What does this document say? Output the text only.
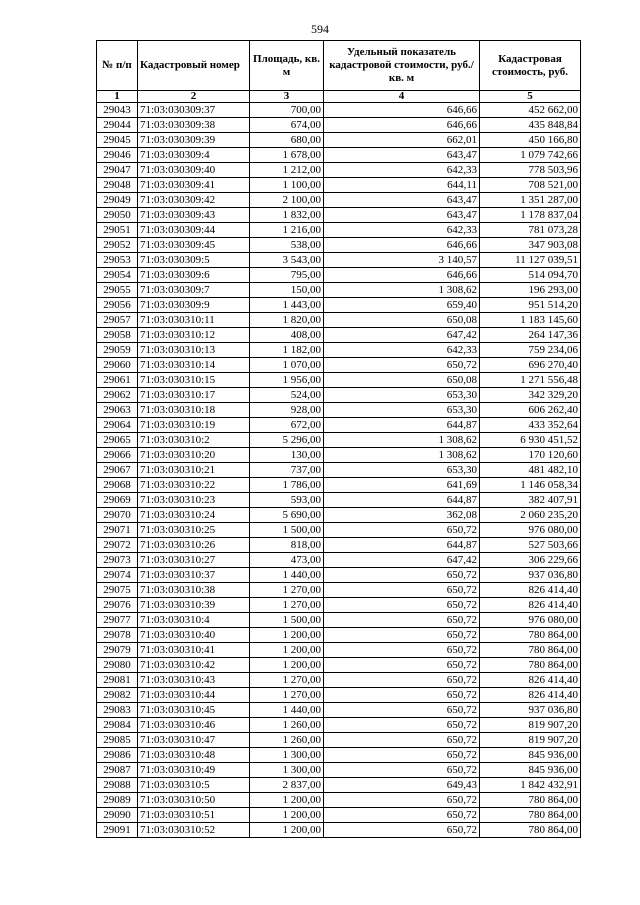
594
№ п/п	Кадастровый номер	Площадь, кв. м	Удельный показатель кадастровой стоимости, руб./кв. м	Кадастровая стоимость, руб.
1	2	3	4	5
29043	71:03:030309:37	700,00	646,66	452 662,00
29044	71:03:030309:38	674,00	646,66	435 848,84
29045	71:03:030309:39	680,00	662,01	450 166,80
29046	71:03:030309:4	1 678,00	643,47	1 079 742,66
29047	71:03:030309:40	1 212,00	642,33	778 503,96
29048	71:03:030309:41	1 100,00	644,11	708 521,00
29049	71:03:030309:42	2 100,00	643,47	1 351 287,00
29050	71:03:030309:43	1 832,00	643,47	1 178 837,04
29051	71:03:030309:44	1 216,00	642,33	781 073,28
29052	71:03:030309:45	538,00	646,66	347 903,08
29053	71:03:030309:5	3 543,00	3 140,57	11 127 039,51
29054	71:03:030309:6	795,00	646,66	514 094,70
29055	71:03:030309:7	150,00	1 308,62	196 293,00
29056	71:03:030309:9	1 443,00	659,40	951 514,20
29057	71:03:030310:11	1 820,00	650,08	1 183 145,60
29058	71:03:030310:12	408,00	647,42	264 147,36
29059	71:03:030310:13	1 182,00	642,33	759 234,06
29060	71:03:030310:14	1 070,00	650,72	696 270,40
29061	71:03:030310:15	1 956,00	650,08	1 271 556,48
29062	71:03:030310:17	524,00	653,30	342 329,20
29063	71:03:030310:18	928,00	653,30	606 262,40
29064	71:03:030310:19	672,00	644,87	433 352,64
29065	71:03:030310:2	5 296,00	1 308,62	6 930 451,52
29066	71:03:030310:20	130,00	1 308,62	170 120,60
29067	71:03:030310:21	737,00	653,30	481 482,10
29068	71:03:030310:22	1 786,00	641,69	1 146 058,34
29069	71:03:030310:23	593,00	644,87	382 407,91
29070	71:03:030310:24	5 690,00	362,08	2 060 235,20
29071	71:03:030310:25	1 500,00	650,72	976 080,00
29072	71:03:030310:26	818,00	644,87	527 503,66
29073	71:03:030310:27	473,00	647,42	306 229,66
29074	71:03:030310:37	1 440,00	650,72	937 036,80
29075	71:03:030310:38	1 270,00	650,72	826 414,40
29076	71:03:030310:39	1 270,00	650,72	826 414,40
29077	71:03:030310:4	1 500,00	650,72	976 080,00
29078	71:03:030310:40	1 200,00	650,72	780 864,00
29079	71:03:030310:41	1 200,00	650,72	780 864,00
29080	71:03:030310:42	1 200,00	650,72	780 864,00
29081	71:03:030310:43	1 270,00	650,72	826 414,40
29082	71:03:030310:44	1 270,00	650,72	826 414,40
29083	71:03:030310:45	1 440,00	650,72	937 036,80
29084	71:03:030310:46	1 260,00	650,72	819 907,20
29085	71:03:030310:47	1 260,00	650,72	819 907,20
29086	71:03:030310:48	1 300,00	650,72	845 936,00
29087	71:03:030310:49	1 300,00	650,72	845 936,00
29088	71:03:030310:5	2 837,00	649,43	1 842 432,91
29089	71:03:030310:50	1 200,00	650,72	780 864,00
29090	71:03:030310:51	1 200,00	650,72	780 864,00
29091	71:03:030310:52	1 200,00	650,72	780 864,00
